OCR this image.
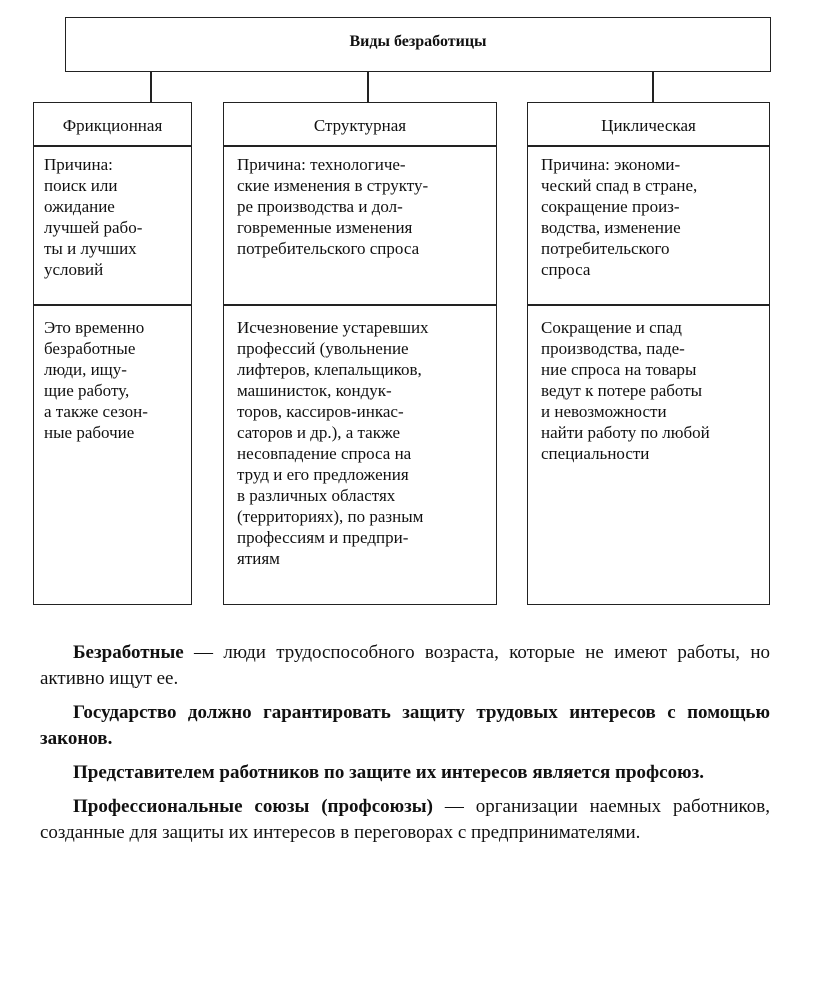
Виды безработицы
Фрикционная
Причина:
поиск или
ожидание
лучшей рабо-
ты и лучших
условий
Это временно
безработные
люди, ищу-
щие работу,
а также сезон-
ные рабочие
Структурная
Причина: технологиче-
ские изменения в структу-
ре производства и дол-
говременные изменения
потребительского спроса
Исчезновение устаревших
профессий (увольнение
лифтеров, клепальщиков,
машинисток, кондук-
торов, кассиров-инкас-
саторов и др.), а также
несовпадение спроса на
труд и его предложения
в различных областях
(территориях), по разным
профессиям и предпри-
ятиям
Циклическая
Причина: экономи-
ческий спад в стране,
сокращение произ-
водства, изменение
потребительского
спроса
Сокращение и спад
производства, паде-
ние спроса на товары
ведут к потере работы
и невозможности
найти работу по любой
специальности

Безработные — люди трудоспособного возраста, которые не имеют работы, но активно ищут ее.

Государство должно гарантировать защиту трудовых интересов с помощью законов.

Представителем работников по защите их интересов является профсоюз.

Профессиональные союзы (профсоюзы) — организации наемных работников, созданные для защиты их интересов в переговорах с предпринимателями.
